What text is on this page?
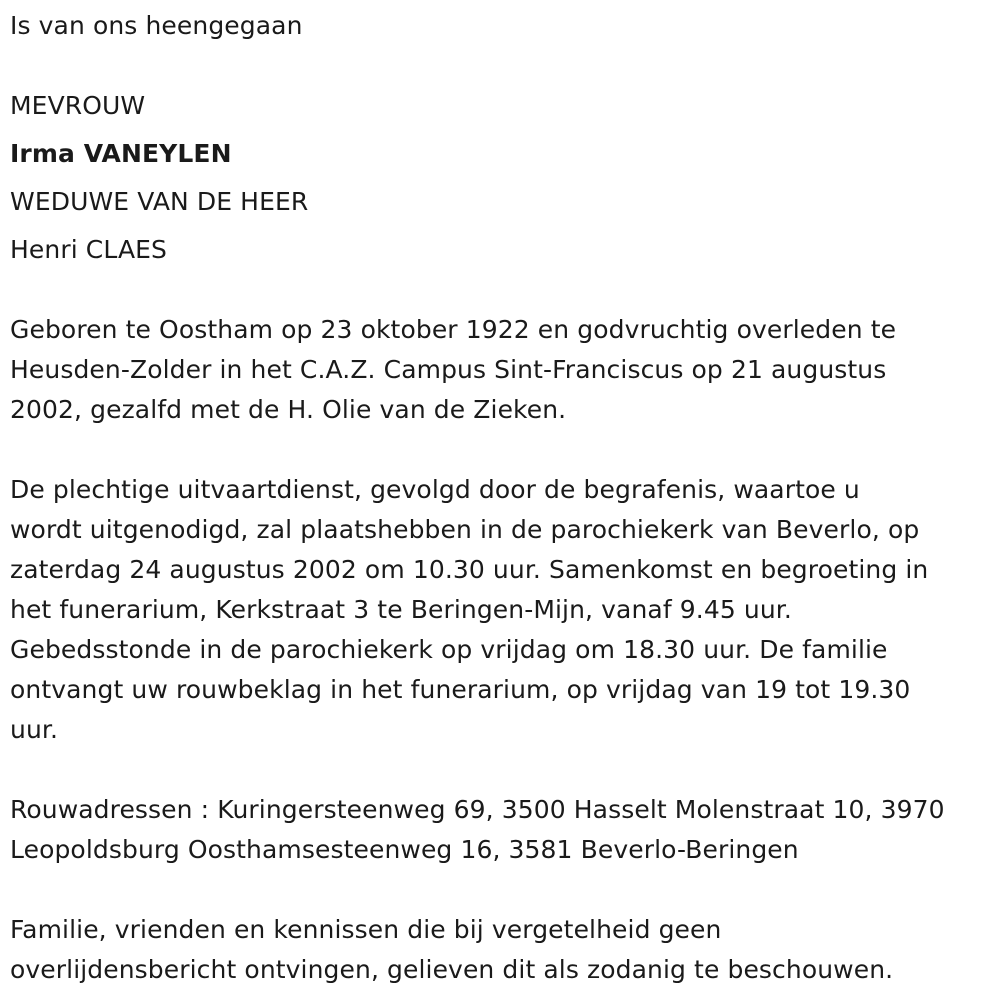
Is van ons heengegaan

MEVROUW

Irma VANEYLEN

WEDUWE VAN DE HEER

Henri CLAES

Geboren te Oostham op 23 oktober 1922 en godvruchtig overleden te
Heusden-Zolder in het C.A.Z. Campus Sint-Franciscus op 21 augustus
2002, gezalfd met de H. Olie van de Zieken.

De plechtige uitvaartdienst, gevolgd door de begrafenis, waartoe u
wordt uitgenodigd, zal plaatshebben in de parochiekerk van Beverlo, op
zaterdag 24 augustus 2002 om 10.30 uur. Samenkomst en begroeting in
het funerarium, Kerkstraat 3 te Beringen-Mijn, vanaf 9.45 uur.
Gebedsstonde in de parochiekerk op vrijdag om 18.30 uur. De familie
ontvangt uw rouwbeklag in het funerarium, op vrijdag van 19 tot 19.30
uur.

Rouwadressen : Kuringersteenweg 69, 3500 Hasselt Molenstraat 10, 3970
Leopoldsburg Oosthamsesteenweg 16, 3581 Beverlo-Beringen

Familie, vrienden en kennissen die bij vergetelheid geen
overlijdensbericht ontvingen, gelieven dit als zodanig te beschouwen.
